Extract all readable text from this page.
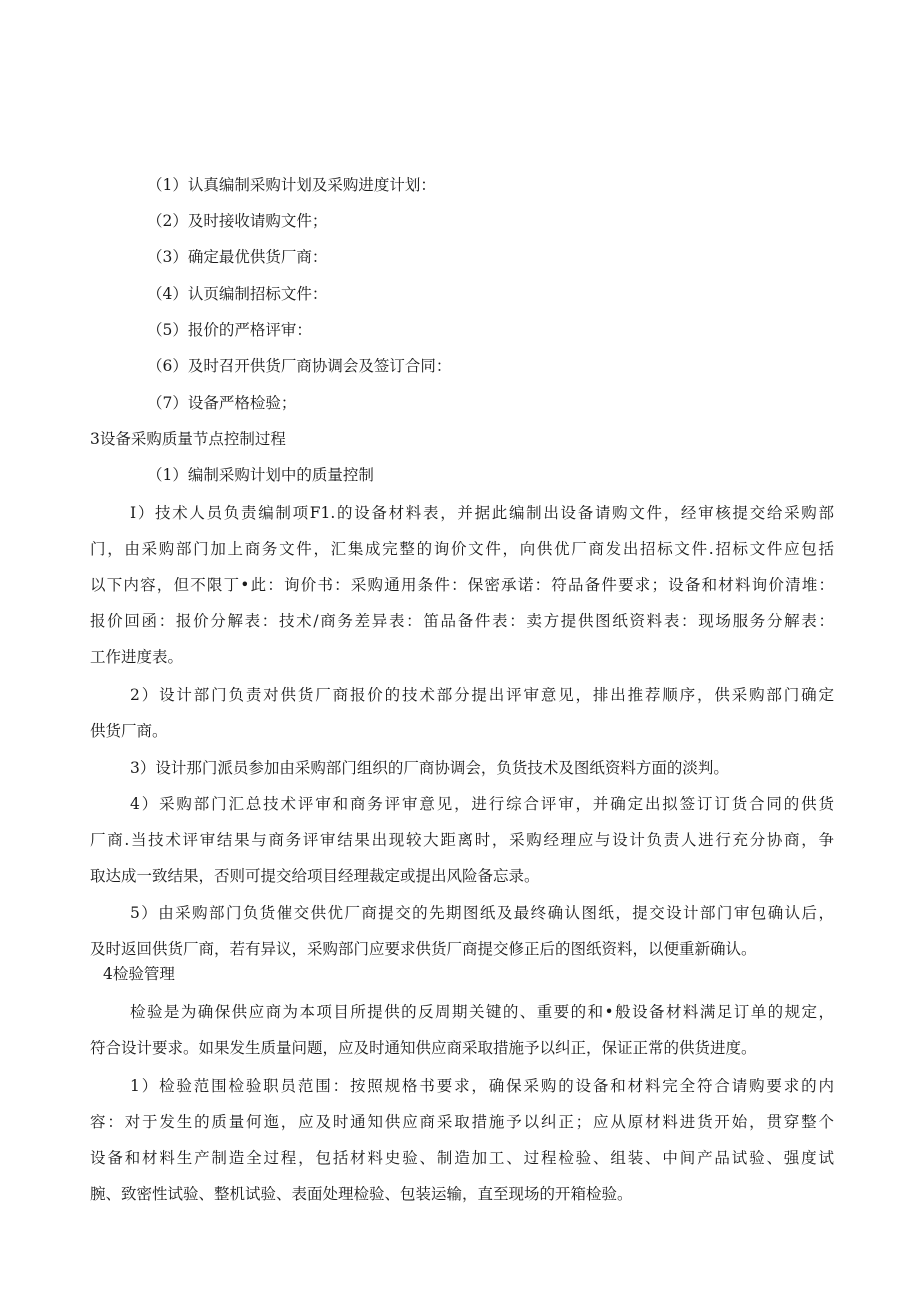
（1）认真编制采购计划及采购进度计划：
（2）及时接收请购文件；
（3）确定最优供货厂商：
（4）认页编制招标文件：
（5）报价的严格评审：
（6）及时召开供货厂商协调会及签订合同：
（7）设备严格检验；
3设备采购质量节点控制过程
（1）编制采购计划中的质量控制
I）技术人员负责编制项F1.的设备材料表，并据此编制出设备请购文件，经审核提交给采购部
门，由采购部门加上商务文件，汇集成完整的询价文件，向供优厂商发出招标文件.招标文件应包括
以下内容，但不限丁•此：询价书：采购通用条件：保密承诺：符品备件要求；设备和材料询价清堆：
报价回函：报价分解表：技术/商务差异表：笛品备件表：卖方提供图纸资料表：现场服务分解表：
工作进度表。
2）设计部门负责对供货厂商报价的技术部分提出评审意见，排出推荐顺序，供采购部门确定
供货厂商。
3）设计那门派员参加由采购部门组织的厂商协调会，负货技术及图纸资料方面的淡判。
4）采购部门汇总技术评审和商务评审意见，进行综合评审，并确定出拟签订订货合同的供货
厂商.当技术评审结果与商务评审结果出现较大距离时，采购经理应与设计负责人进行充分协商，争
取达成一致结果，否则可提交给项目经理裁定或提出风险备忘录。
5）由采购部门负货催交供优厂商提交的先期图纸及最终确认图纸，提交设计部门审包确认后，
及时返回供货厂商，若有异议，采购部门应要求供货厂商提交修正后的图纸资料，以便重新确认。
4检验管理
检验是为确保供应商为本项目所提供的反周期关键的、重要的和•般设备材料满足订单的规定，
符合设计要求。如果发生质量问题，应及时通知供应商采取措施予以纠正，保证正常的供货进度。
1）检验范围检验职员范围：按照规格书要求，确保采购的设备和材料完全符合请购要求的内
容：对于发生的质量何迤，应及时通知供应商采取措施予以纠正；应从原材料进货开始，贯穿整个
设备和材料生产制造全过程，包括材料史验、制造加工、过程检验、组装、中间产品试验、强度试
腕、致密性试验、整机试验、表面处理检验、包装运输，直至现场的开箱检验。
